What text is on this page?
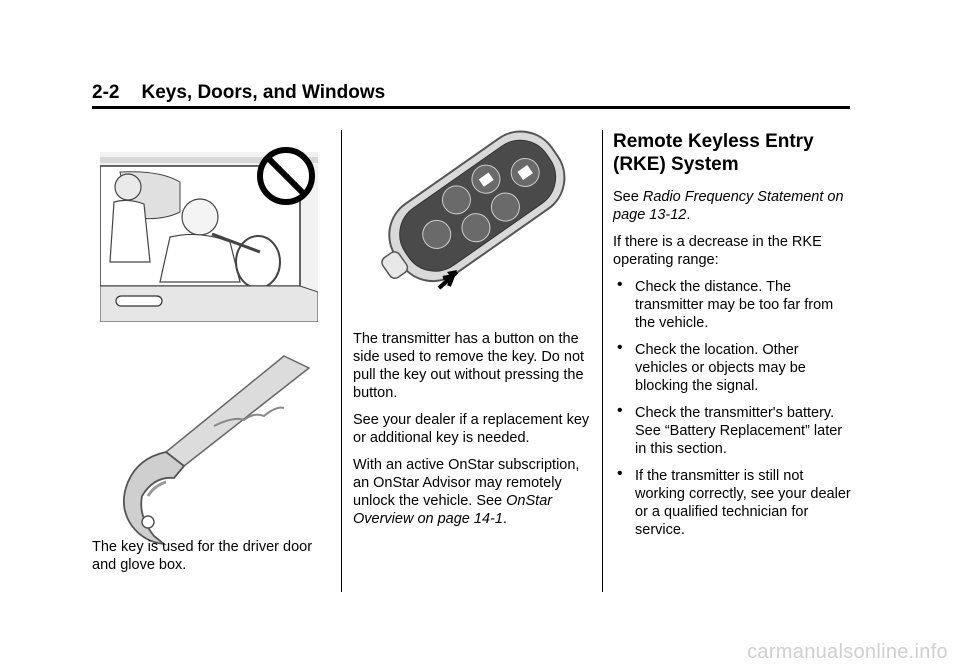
2-2 Keys, Doors, and Windows

The key is used for the driver door and glove box.

The transmitter has a button on the side used to remove the key. Do not pull the key out without pressing the button.

See your dealer if a replacement key or additional key is needed.

With an active OnStar subscription, an OnStar Advisor may remotely unlock the vehicle. See OnStar Overview on page 14-1.

Remote Keyless Entry (RKE) System

See Radio Frequency Statement on page 13-12.

If there is a decrease in the RKE operating range:

• Check the distance. The transmitter may be too far from the vehicle.
• Check the location. Other vehicles or objects may be blocking the signal.
• Check the transmitter's battery. See “Battery Replacement” later in this section.
• If the transmitter is still not working correctly, see your dealer or a qualified technician for service.
carmanualsonline.info
